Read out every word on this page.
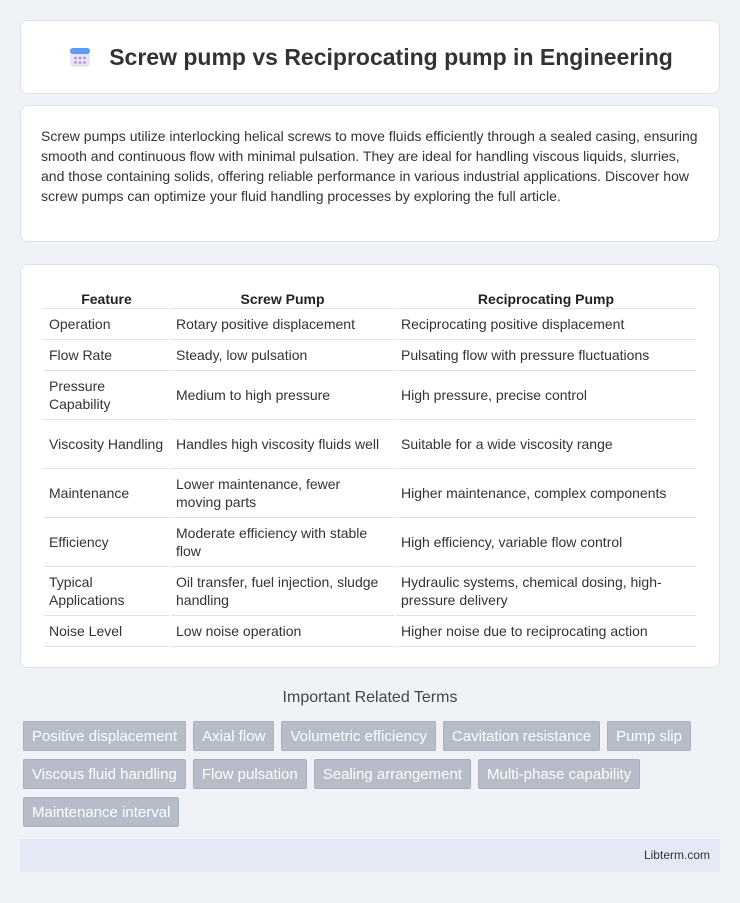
Screw pump vs Reciprocating pump in Engineering

Screw pumps utilize interlocking helical screws to move fluids efficiently through a sealed casing, ensuring smooth and continuous flow with minimal pulsation. They are ideal for handling viscous liquids, slurries, and those containing solids, offering reliable performance in various industrial applications. Discover how screw pumps can optimize your fluid handling processes by exploring the full article.

Feature	Screw Pump	Reciprocating Pump
Operation	Rotary positive displacement	Reciprocating positive displacement
Flow Rate	Steady, low pulsation	Pulsating flow with pressure fluctuations
Pressure Capability	Medium to high pressure	High pressure, precise control
Viscosity Handling	Handles high viscosity fluids well	Suitable for a wide viscosity range
Maintenance	Lower maintenance, fewer moving parts	Higher maintenance, complex components
Efficiency	Moderate efficiency with stable flow	High efficiency, variable flow control
Typical Applications	Oil transfer, fuel injection, sludge handling	Hydraulic systems, chemical dosing, high-pressure delivery
Noise Level	Low noise operation	Higher noise due to reciprocating action
Important Related Terms
Positive displacement	Axial flow	Volumetric efficiency	Cavitation resistance	Pump slip
Viscous fluid handling	Flow pulsation	Sealing arrangement	Multi-phase capability
Maintenance interval
Libterm.com
